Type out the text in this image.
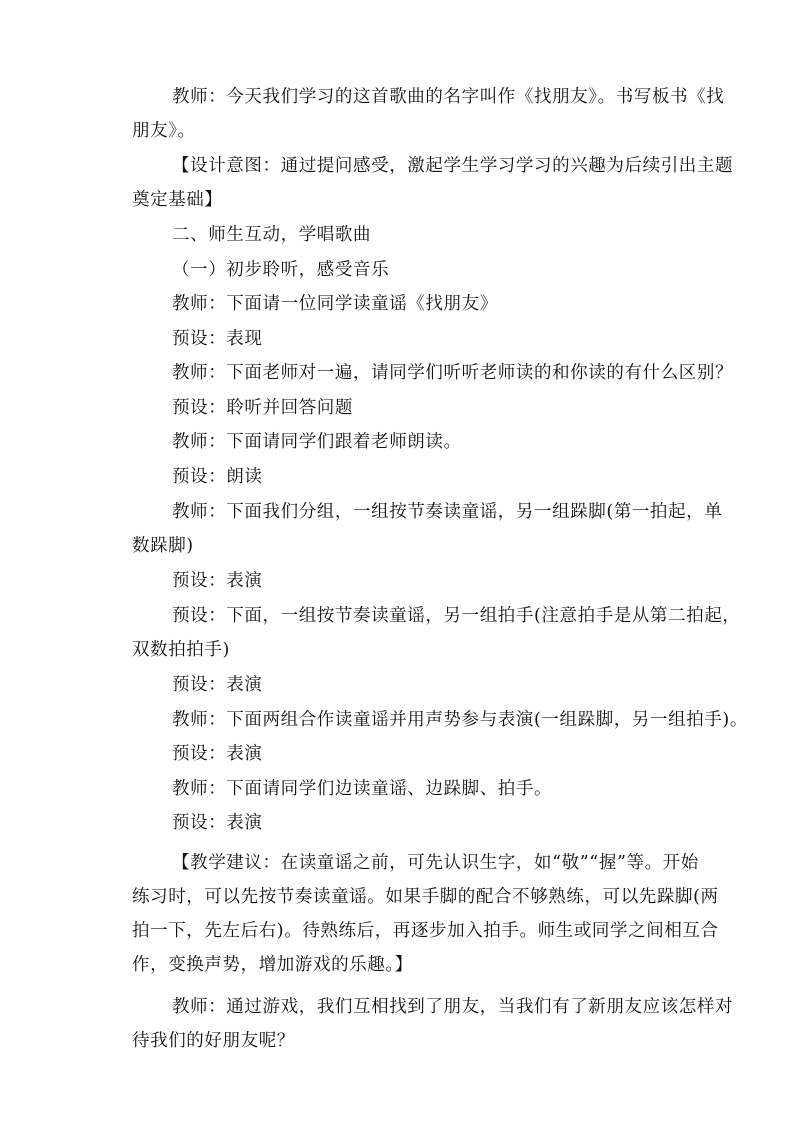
教师：今天我们学习的这首歌曲的名字叫作《找朋友》。书写板书《找
朋友》。
【设计意图：通过提问感受，激起学生学习学习的兴趣为后续引出主题
奠定基础】
二、师生互动，学唱歌曲
（一）初步聆听，感受音乐
教师：下面请一位同学读童谣《找朋友》
预设：表现
教师：下面老师对一遍，请同学们听听老师读的和你读的有什么区别？
预设：聆听并回答问题
教师：下面请同学们跟着老师朗读。
预设：朗读
教师：下面我们分组，一组按节奏读童谣，另一组跺脚(第一拍起，单
数跺脚)
预设：表演
预设：下面，一组按节奏读童谣，另一组拍手(注意拍手是从第二拍起，
双数拍拍手)
预设：表演
教师：下面两组合作读童谣并用声势参与表演(一组跺脚，另一组拍手)。
预设：表演
教师：下面请同学们边读童谣、边跺脚、拍手。
预设：表演
【教学建议：在读童谣之前，可先认识生字，如“敬”“握”等。开始
练习时，可以先按节奏读童谣。如果手脚的配合不够熟练，可以先跺脚(两
拍一下，先左后右)。待熟练后，再逐步加入拍手。师生或同学之间相互合
作，变换声势，增加游戏的乐趣。】
教师：通过游戏，我们互相找到了朋友，当我们有了新朋友应该怎样对
待我们的好朋友呢？
